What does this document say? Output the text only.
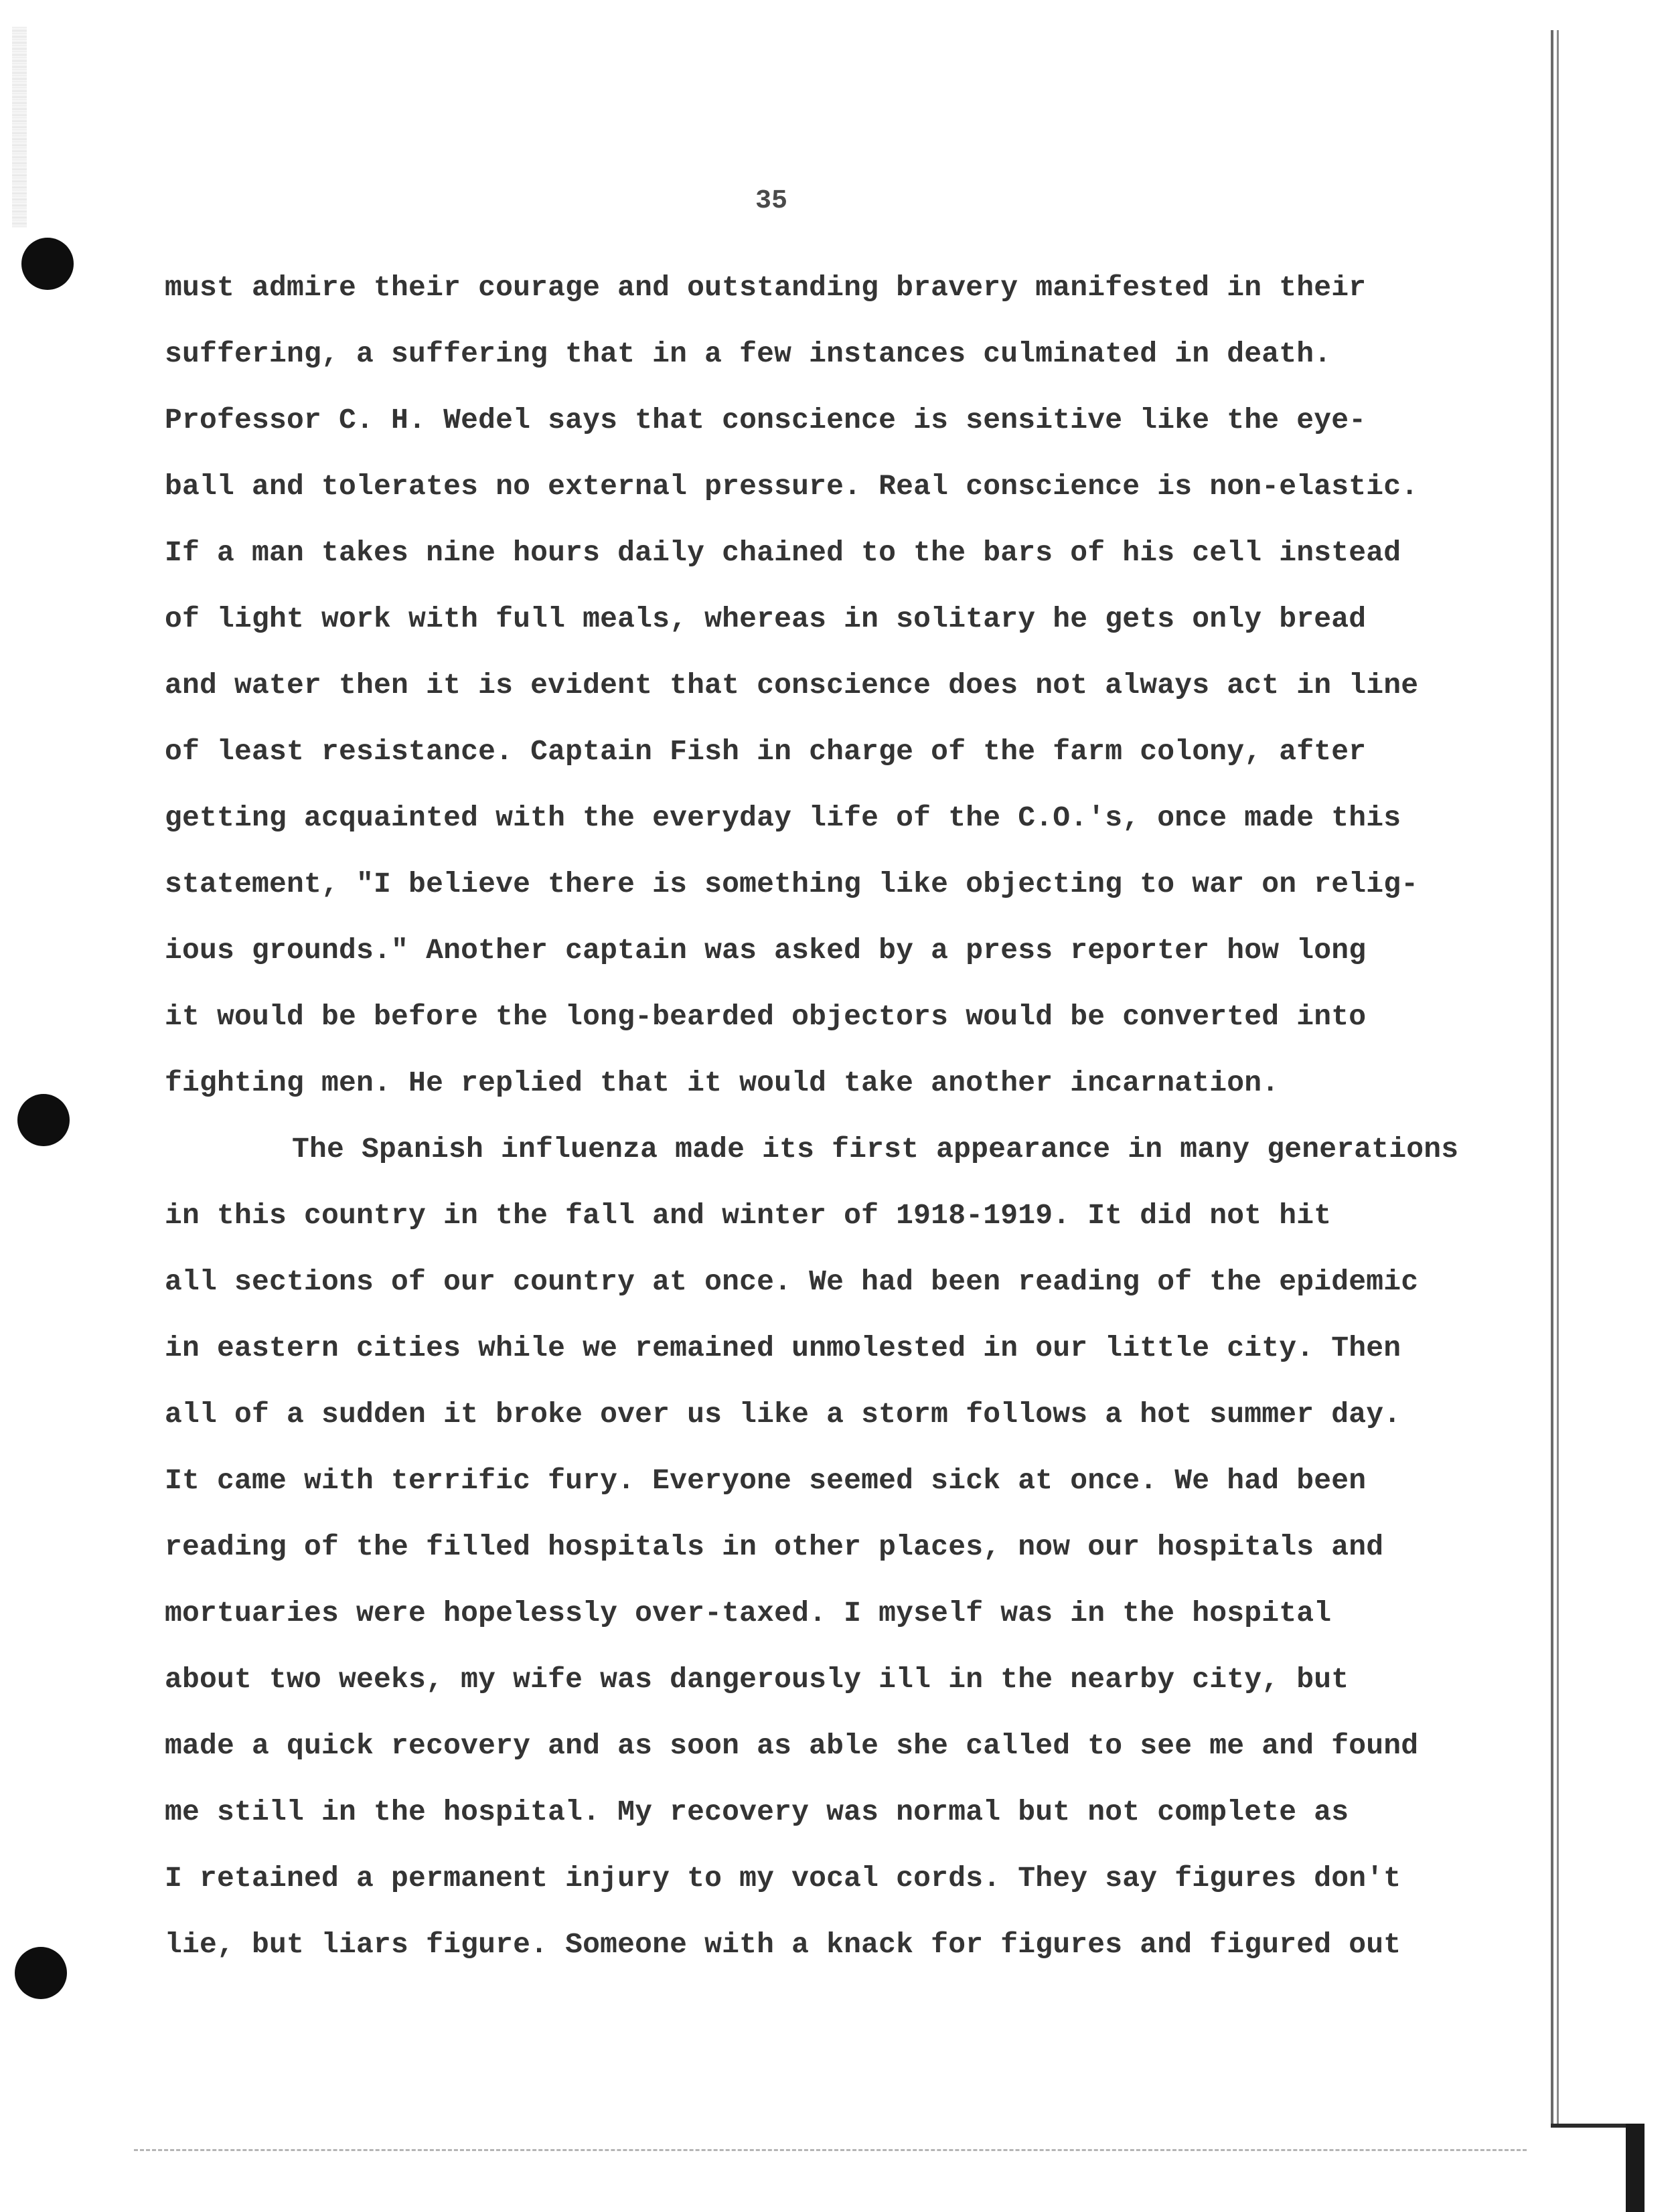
35
must admire their courage and outstanding bravery manifested in their
suffering, a suffering that in a few instances culminated in death.
Professor C. H. Wedel says that conscience is sensitive like the eye-
ball and tolerates no external pressure. Real conscience is non-elastic.
If a man takes nine hours daily chained to the bars of his cell instead
of light work with full meals, whereas in solitary he gets only bread
and water then it is evident that conscience does not always act in line
of least resistance. Captain Fish in charge of the farm colony, after
getting acquainted with the everyday life of the C.O.'s, once made this
statement, "I believe there is something like objecting to war on relig-
ious grounds." Another captain was asked by a press reporter how long
it would be before the long-bearded objectors would be converted into
fighting men. He replied that it would take another incarnation.
The Spanish influenza made its first appearance in many generations
in this country in the fall and winter of 1918-1919. It did not hit
all sections of our country at once. We had been reading of the epidemic
in eastern cities while we remained unmolested in our little city. Then
all of a sudden it broke over us like a storm follows a hot summer day.
It came with terrific fury. Everyone seemed sick at once. We had been
reading of the filled hospitals in other places, now our hospitals and
mortuaries were hopelessly over-taxed. I myself was in the hospital
about two weeks, my wife was dangerously ill in the nearby city, but
made a quick recovery and as soon as able she called to see me and found
me still in the hospital. My recovery was normal but not complete as
I retained a permanent injury to my vocal cords. They say figures don't
lie, but liars figure. Someone with a knack for figures and figured out
